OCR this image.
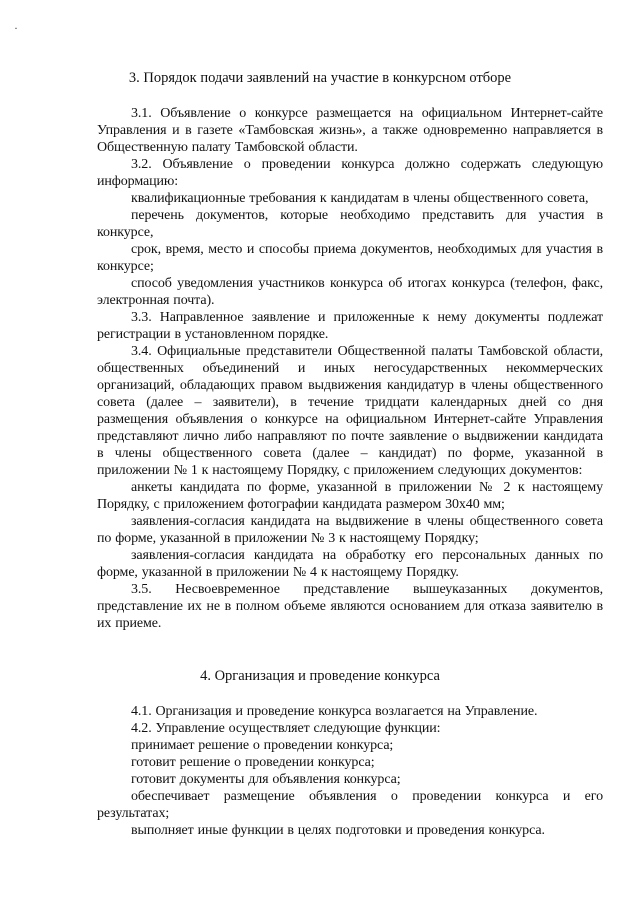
·
3. Порядок подачи заявлений на участие в конкурсном отборе

3.1. Объявление о конкурсе размещается на официальном Интернет-сайте Управления и в газете «Тамбовская жизнь», а также одновременно направляется в Общественную палату Тамбовской области.

3.2. Объявление о проведении конкурса должно содержать следующую информацию:

квалификационные требования к кандидатам в члены общественного совета,

перечень документов, которые необходимо представить для участия в конкурсе,

срок, время, место и способы приема документов, необходимых для участия в конкурсе;

способ уведомления участников конкурса об итогах конкурса (телефон, факс, электронная почта).

3.3. Направленное заявление и приложенные к нему документы подлежат регистрации в установленном порядке.

3.4. Официальные представители Общественной палаты Тамбовской области, общественных объединений и иных негосударственных некоммерческих организаций, обладающих правом выдвижения кандидатур в члены общественного совета (далее – заявители), в течение тридцати календарных дней со дня размещения объявления о конкурсе на официальном Интернет-сайте Управления представляют лично либо направляют по почте заявление о выдвижении кандидата в члены общественного совета (далее – кандидат) по форме, указанной в приложении № 1 к настоящему Порядку, с приложением следующих документов:

анкеты кандидата по форме, указанной в приложении № 2 к настоящему Порядку, с приложением фотографии кандидата размером 30х40 мм;

заявления-согласия кандидата на выдвижение в члены общественного совета по форме, указанной в приложении № 3 к настоящему Порядку;

заявления-согласия кандидата на обработку его персональных данных по форме, указанной в приложении № 4 к настоящему Порядку.

3.5. Несвоевременное представление вышеуказанных документов, представление их не в полном объеме являются основанием для отказа заявителю в их приеме.

4. Организация и проведение конкурса

4.1. Организация и проведение конкурса возлагается на Управление.

4.2. Управление осуществляет следующие функции:

принимает решение о проведении конкурса;

готовит решение о проведении конкурса;

готовит документы для объявления конкурса;

обеспечивает размещение объявления о проведении конкурса и его результатах;

выполняет иные функции в целях подготовки и проведения конкурса.
